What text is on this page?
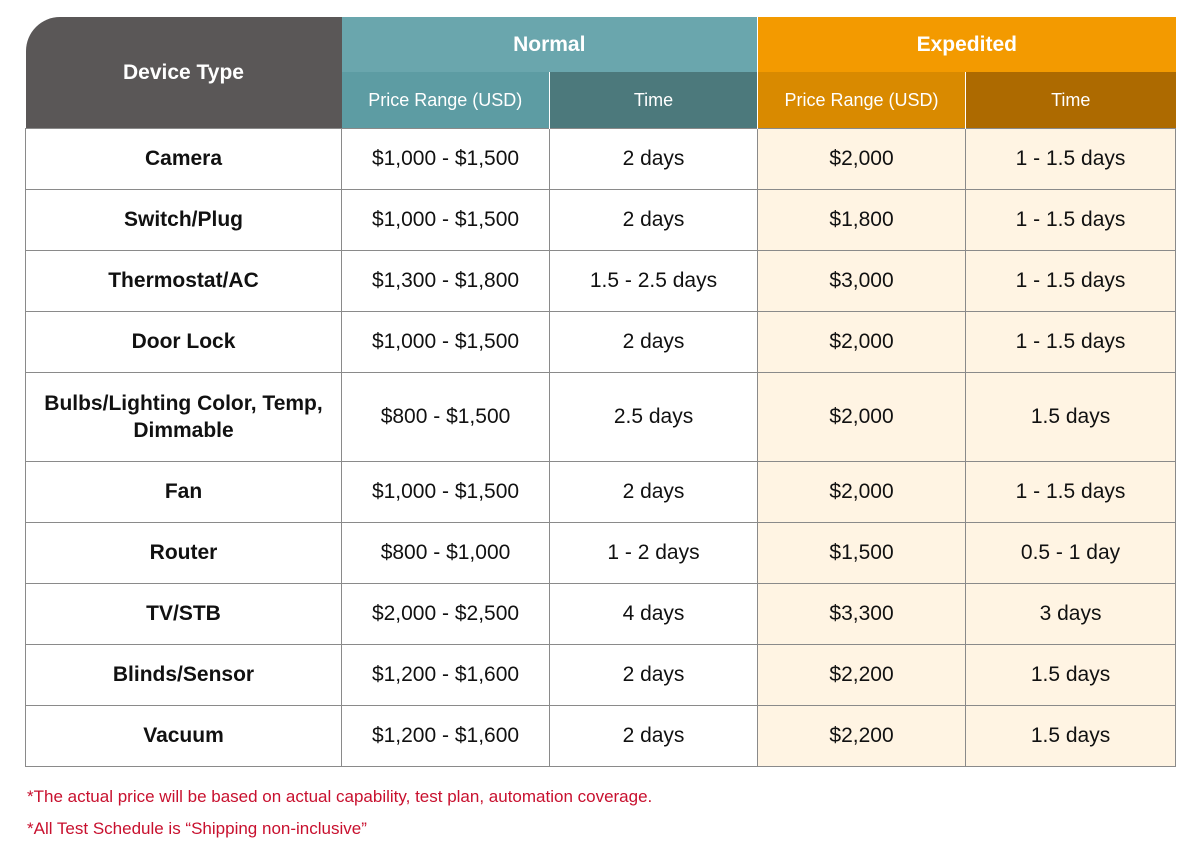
Device Type	Normal		Expedited	
	Price Range (USD)	Time	Price Range (USD)	Time
Camera	$1,000 - $1,500	2 days	$2,000	1 - 1.5 days
Switch/Plug	$1,000 - $1,500	2 days	$1,800	1 - 1.5 days
Thermostat/AC	$1,300 - $1,800	1.5 - 2.5 days	$3,000	1 - 1.5 days
Door Lock	$1,000 - $1,500	2 days	$2,000	1 - 1.5 days
Bulbs/Lighting Color, Temp, Dimmable	$800 - $1,500	2.5 days	$2,000	1.5 days
Fan	$1,000 - $1,500	2 days	$2,000	1 - 1.5 days
Router	$800 - $1,000	1 - 2 days	$1,500	0.5 - 1 day
TV/STB	$2,000 - $2,500	4 days	$3,300	3 days
Blinds/Sensor	$1,200 - $1,600	2 days	$2,200	1.5 days
Vacuum	$1,200 - $1,600	2 days	$2,200	1.5 days

*The actual price will be based on actual capability, test plan, automation coverage.

*All Test Schedule is “Shipping non-inclusive”
